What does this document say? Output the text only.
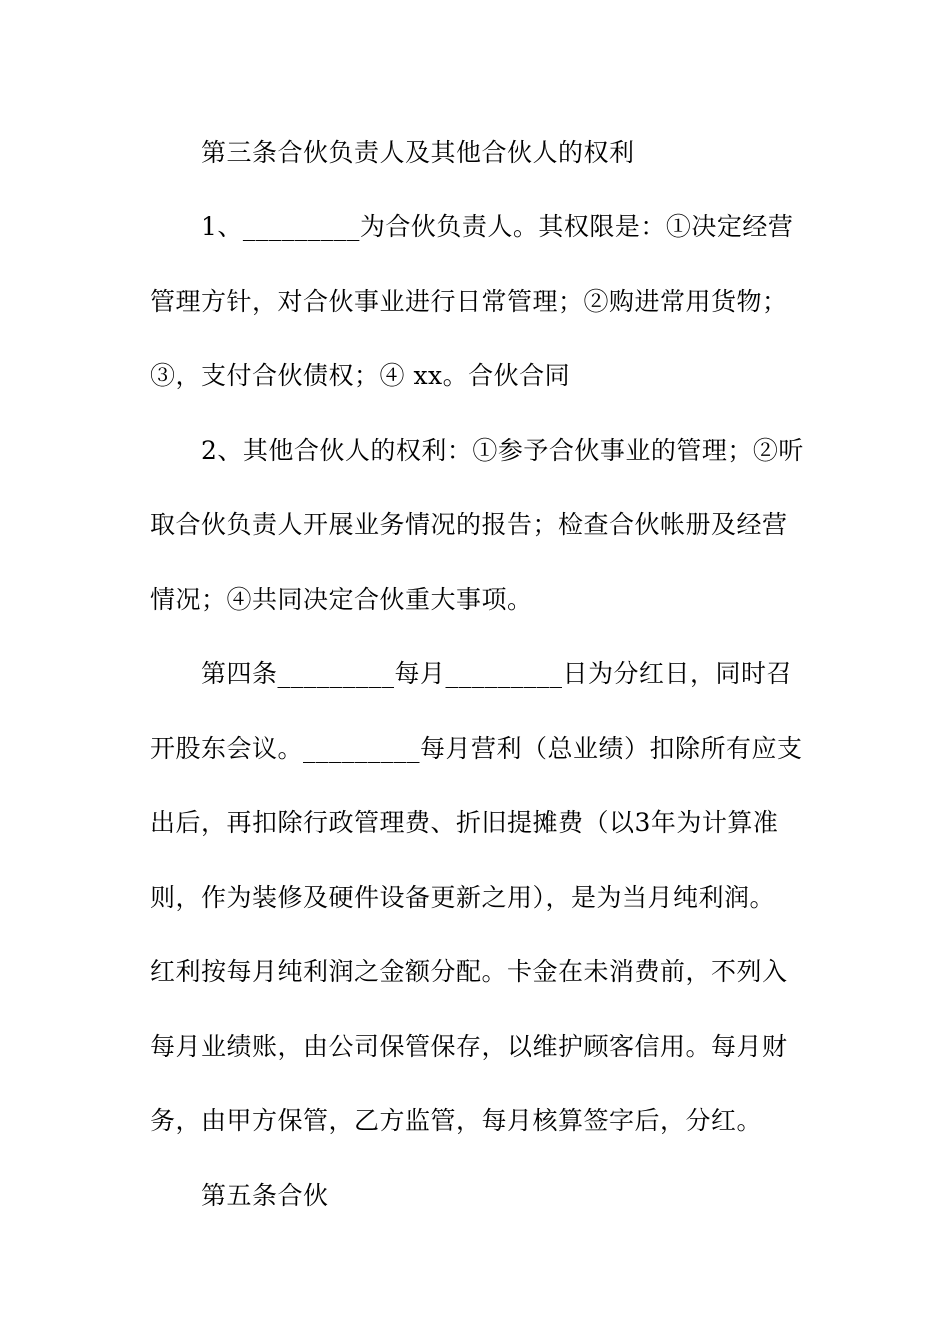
第三条合伙负责人及其他合伙人的权利
1、_________为合伙负责人。其权限是：①决定经营
管理方针，对合伙事业进行日常管理；②购进常用货物；
③，支付合伙债权；④ xx。合伙合同
2、其他合伙人的权利：①参予合伙事业的管理；②听
取合伙负责人开展业务情况的报告；检查合伙帐册及经营
情况；④共同决定合伙重大事项。
第四条_________每月_________日为分红日，同时召
开股东会议。_________每月营利（总业绩）扣除所有应支
出后，再扣除行政管理费、折旧提摊费（以3年为计算准
则，作为装修及硬件设备更新之用），是为当月纯利润。
红利按每月纯利润之金额分配。卡金在未消费前，不列入
每月业绩账，由公司保管保存，以维护顾客信用。每月财
务，由甲方保管，乙方监管，每月核算签字后，分红。
第五条合伙
